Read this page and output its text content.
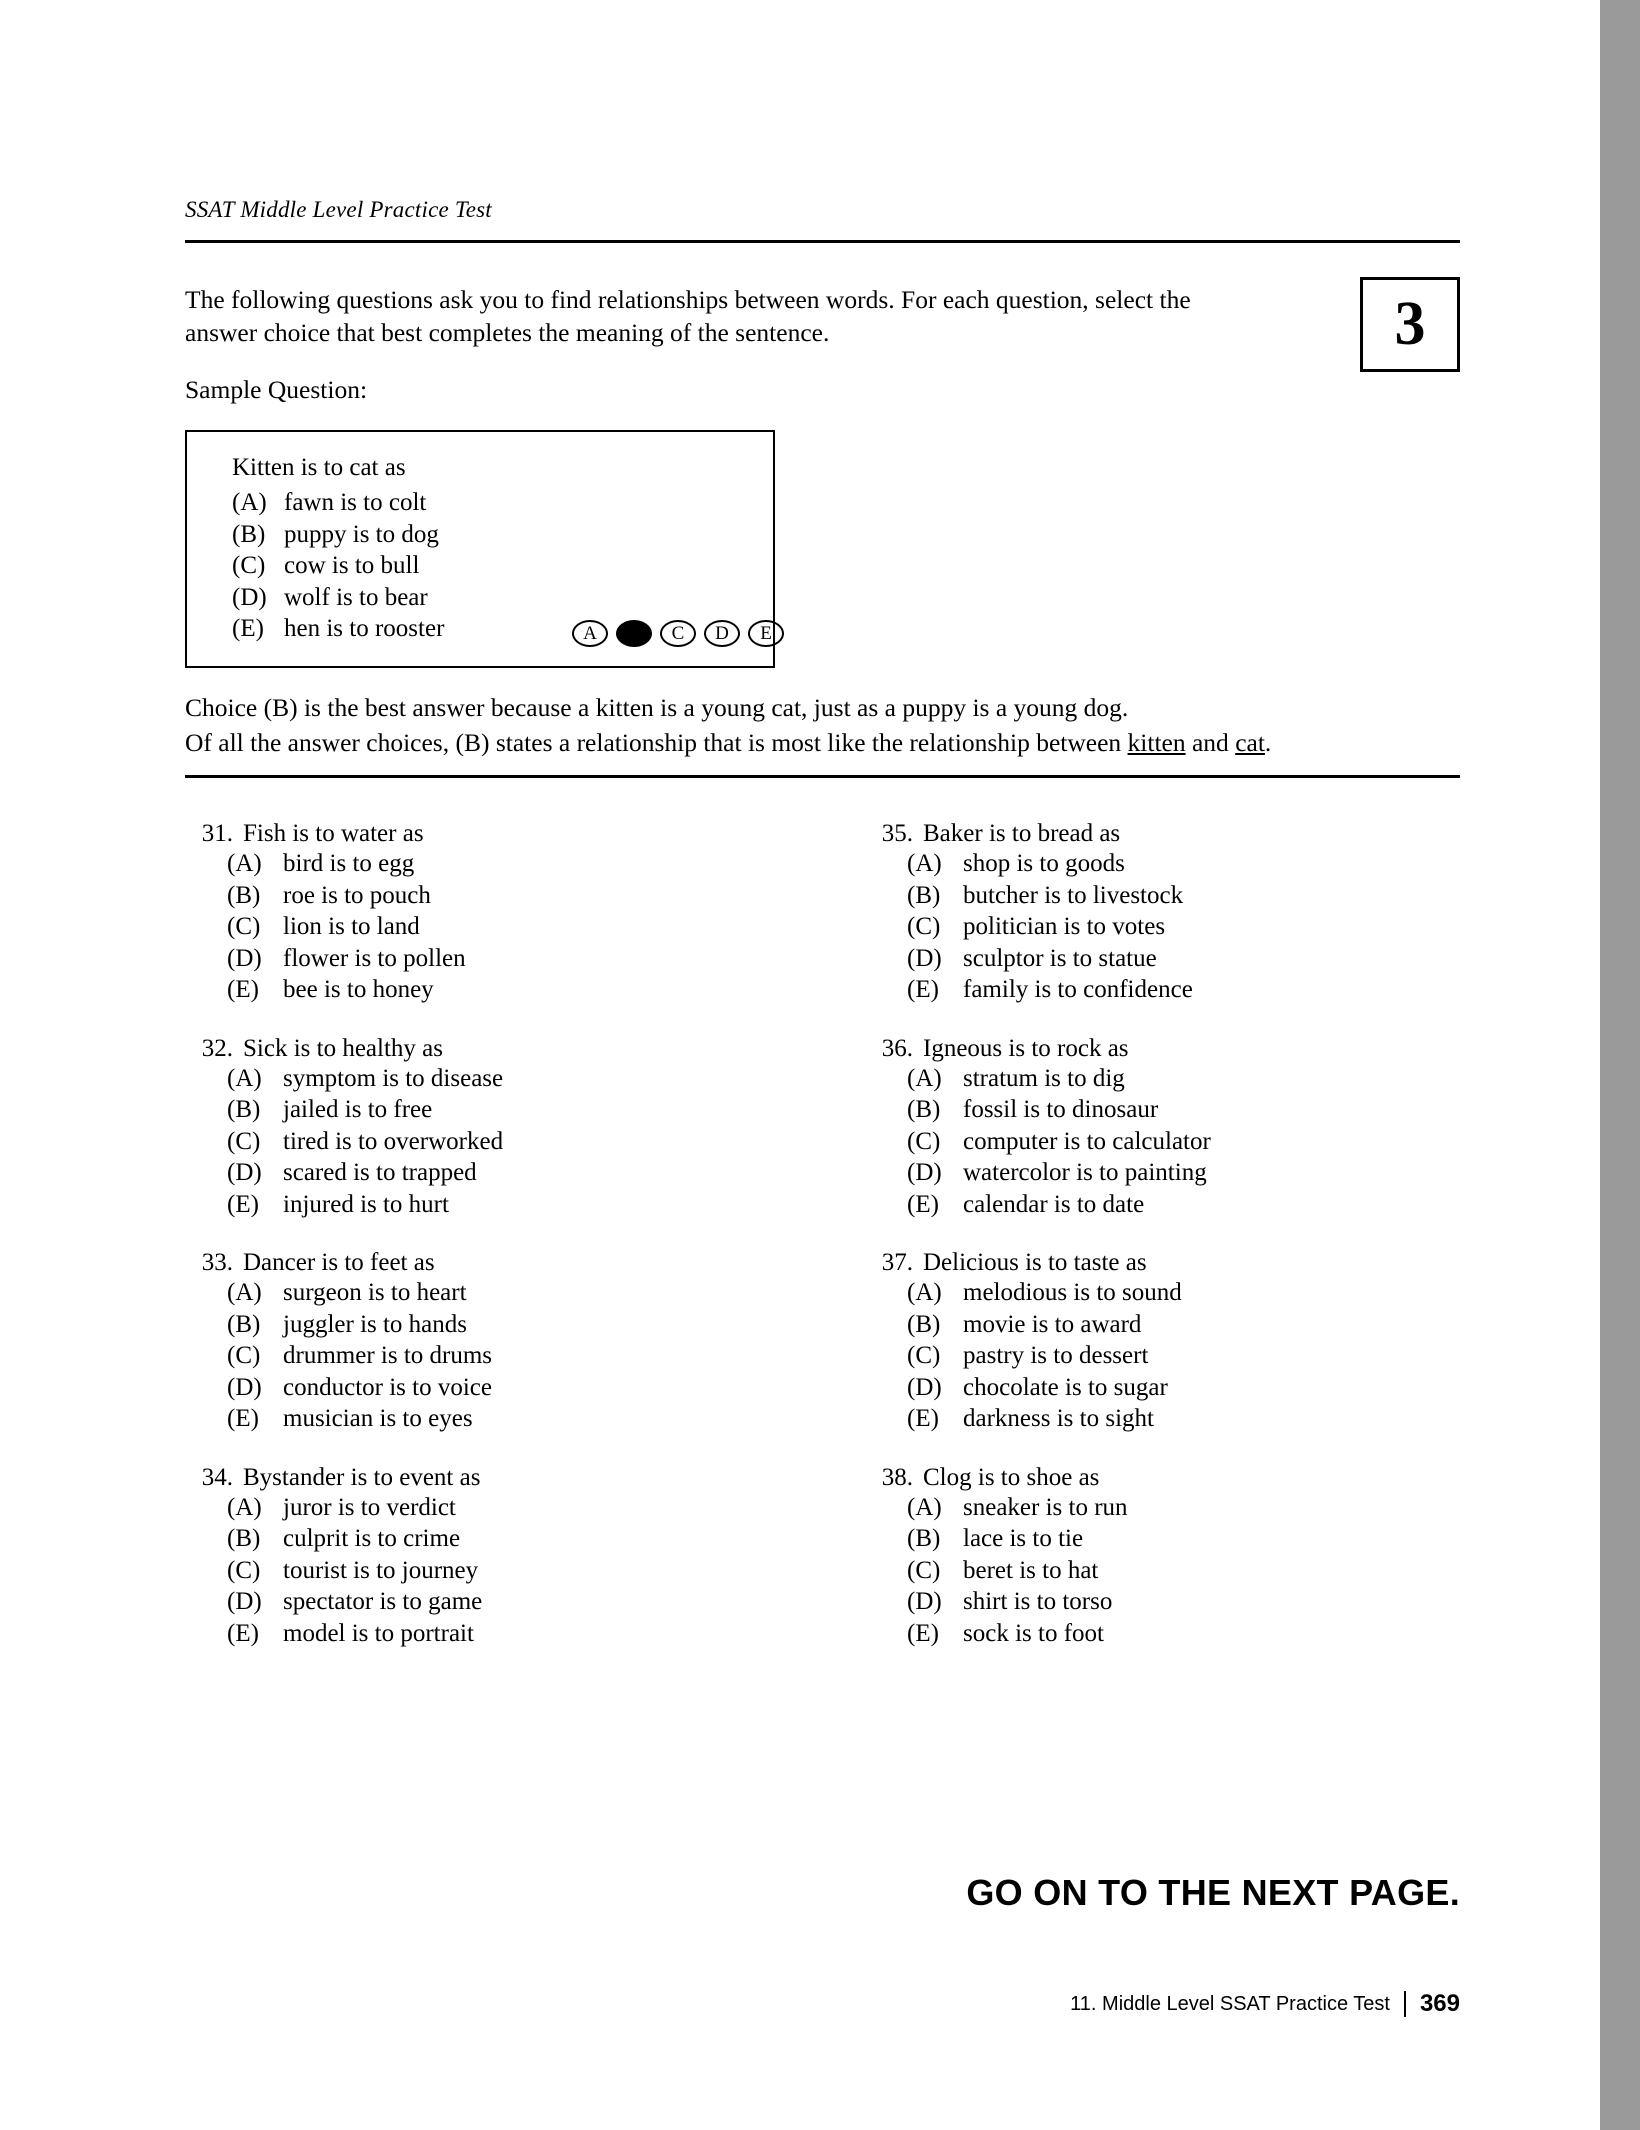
SSAT Middle Level Practice Test
The following questions ask you to find relationships between words. For each question, select the answer choice that best completes the meaning of the sentence.	3
Sample Question:
Kitten is to cat as
(A) fawn is to colt
(B) puppy is to dog
(C) cow is to bull
(D) wolf is to bear
(E) hen is to rooster	A	C	D	E
Choice (B) is the best answer because a kitten is a young cat, just as a puppy is a young dog.
Of all the answer choices, (B) states a relationship that is most like the relationship between kitten and cat.
31. Fish is to water as
(A) bird is to egg
(B) roe is to pouch
(C) lion is to land
(D) flower is to pollen
(E) bee is to honey
32. Sick is to healthy as
(A) symptom is to disease
(B) jailed is to free
(C) tired is to overworked
(D) scared is to trapped
(E) injured is to hurt
33. Dancer is to feet as
(A) surgeon is to heart
(B) juggler is to hands
(C) drummer is to drums
(D) conductor is to voice
(E) musician is to eyes
34. Bystander is to event as
(A) juror is to verdict
(B) culprit is to crime
(C) tourist is to journey
(D) spectator is to game
(E) model is to portrait
35. Baker is to bread as
(A) shop is to goods
(B) butcher is to livestock
(C) politician is to votes
(D) sculptor is to statue
(E) family is to confidence
36. Igneous is to rock as
(A) stratum is to dig
(B) fossil is to dinosaur
(C) computer is to calculator
(D) watercolor is to painting
(E) calendar is to date
37. Delicious is to taste as
(A) melodious is to sound
(B) movie is to award
(C) pastry is to dessert
(D) chocolate is to sugar
(E) darkness is to sight
38. Clog is to shoe as
(A) sneaker is to run
(B) lace is to tie
(C) beret is to hat
(D) shirt is to torso
(E) sock is to foot
GO ON TO THE NEXT PAGE.
11. Middle Level SSAT Practice Test 369
